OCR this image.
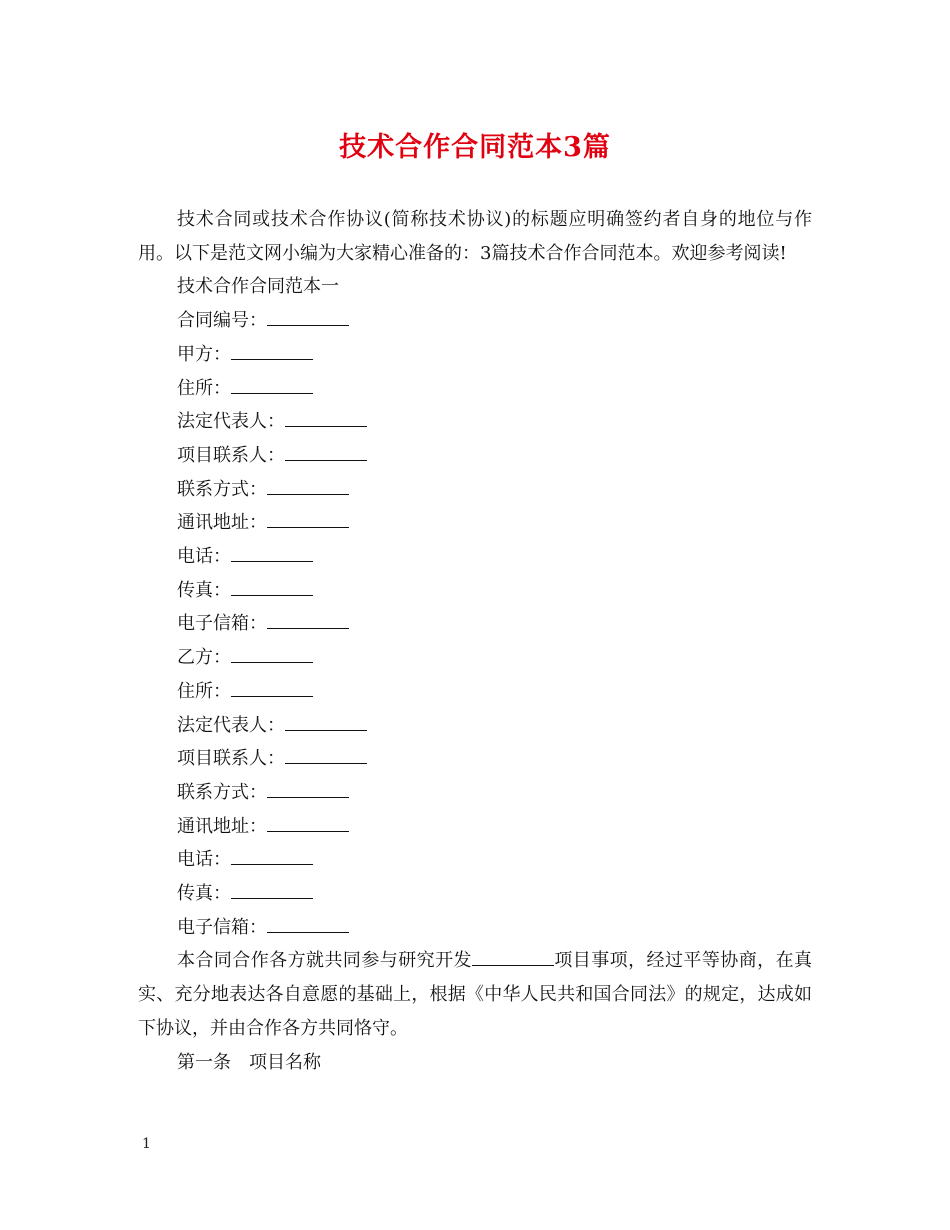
技术合作合同范本3篇

技术合同或技术合作协议(简称技术协议)的标题应明确签约者自身的地位与作用。以下是范文网小编为大家精心准备的：3篇技术合作合同范本。欢迎参考阅读!

技术合作合同范本一

合同编号：

甲方：

住所：

法定代表人：

项目联系人：

联系方式：

通讯地址：

电话：

传真：

电子信箱：

乙方：

住所：

法定代表人：

项目联系人：

联系方式：

通讯地址：

电话：

传真：

电子信箱：

本合同合作各方就共同参与研究开发	项目事项，经过平等协商，在真实、充分地表达各自意愿的基础上，根据《中华人民共和国合同法》的规定，达成如下协议，并由合作各方共同恪守。

第一条　项目名称

1
